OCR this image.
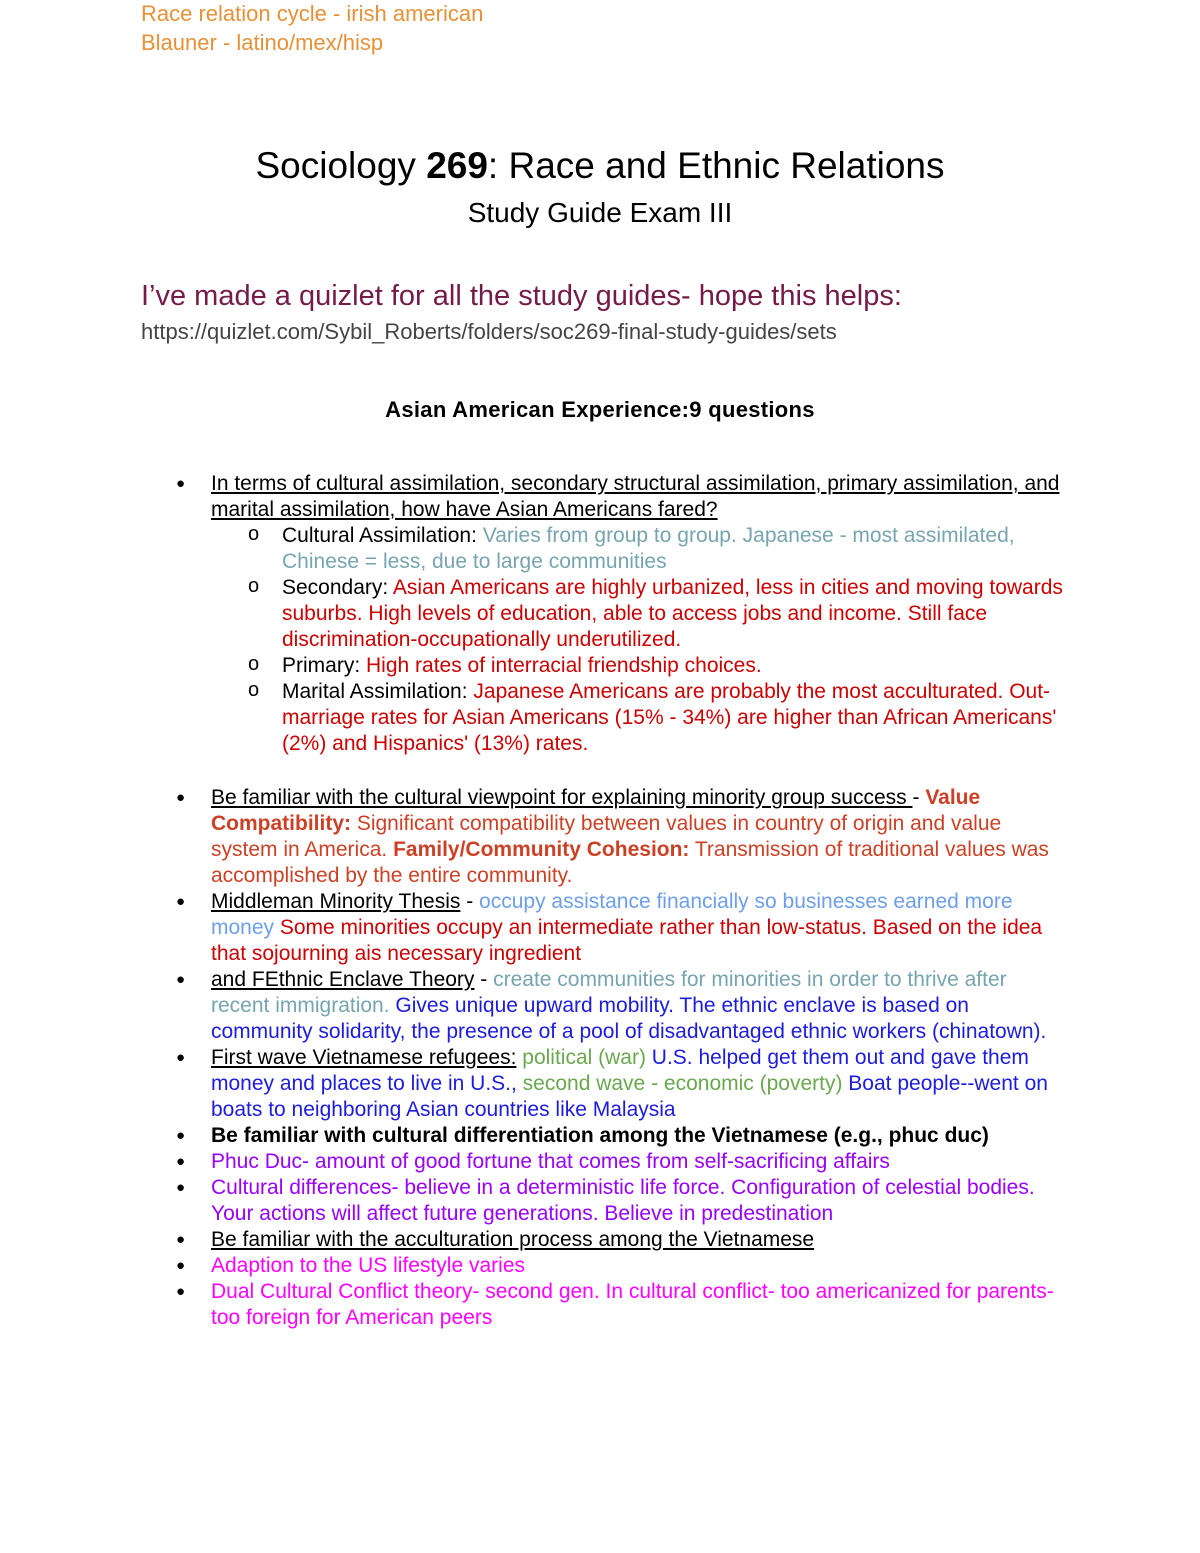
Race relation cycle - irish american
Blauner - latino/mex/hisp
Sociology 269: Race and Ethnic Relations
Study Guide Exam III
I’ve made a quizlet for all the study guides- hope this helps:
https://quizlet.com/Sybil_Roberts/folders/soc269-final-study-guides/sets
Asian American Experience:9 questions
● In terms of cultural assimilation, secondary structural assimilation, primary assimilation, and marital assimilation, how have Asian Americans fared?
o Cultural Assimilation: Varies from group to group. Japanese - most assimilated, Chinese = less, due to large communities
o Secondary: Asian Americans are highly urbanized, less in cities and moving towards suburbs. High levels of education, able to access jobs and income. Still face discrimination-occupationally underutilized.
o Primary: High rates of interracial friendship choices.
o Marital Assimilation: Japanese Americans are probably the most acculturated. Out-marriage rates for Asian Americans (15% - 34%) are higher than African Americans' (2%) and Hispanics' (13%) rates.
● Be familiar with the cultural viewpoint for explaining minority group success - Value Compatibility: Significant compatibility between values in country of origin and value system in America. Family/Community Cohesion: Transmission of traditional values was accomplished by the entire community.
● Middleman Minority Thesis - occupy assistance financially so businesses earned more money Some minorities occupy an intermediate rather than low-status. Based on the idea that sojourning ais necessary ingredient
● and FEthnic Enclave Theory - create communities for minorities in order to thrive after recent immigration. Gives unique upward mobility. The ethnic enclave is based on community solidarity, the presence of a pool of disadvantaged ethnic workers (chinatown).
● First wave Vietnamese refugees: political (war) U.S. helped get them out and gave them money and places to live in U.S., second wave - economic (poverty) Boat people--went on boats to neighboring Asian countries like Malaysia
● Be familiar with cultural differentiation among the Vietnamese (e.g., phuc duc)
● Phuc Duc- amount of good fortune that comes from self-sacrificing affairs
● Cultural differences- believe in a deterministic life force. Configuration of celestial bodies. Your actions will affect future generations. Believe in predestination
● Be familiar with the acculturation process among the Vietnamese
● Adaption to the US lifestyle varies
● Dual Cultural Conflict theory- second gen. In cultural conflict- too americanized for parents- too foreign for American peers
